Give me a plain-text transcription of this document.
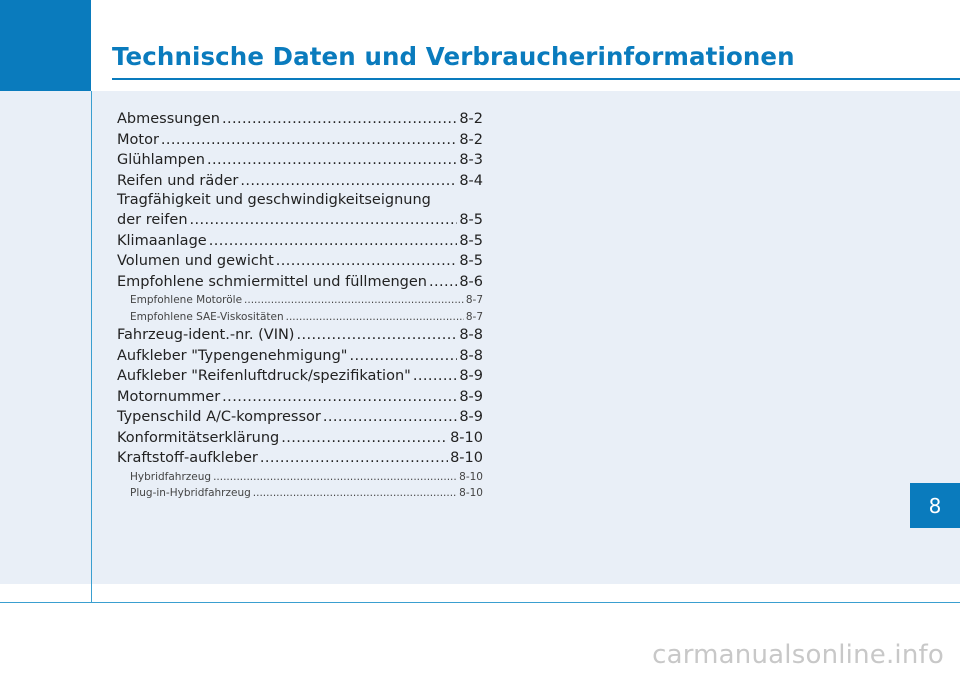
Technische Daten und Verbraucherinformationen
8
Abmessungen .....	8-2
Motor .....	8-2
Glühlampen .....	8-3
Reifen und räder .....	8-4
Tragfähigkeit und geschwindigkeitseignung
der reifen .....	8-5
Klimaanlage .....	8-5
Volumen und gewicht .....	8-5
Empfohlene schmiermittel und füllmengen ..... 8-6
Empfohlene Motoröle .....	8-7
Empfohlene SAE-Viskositäten .....	8-7
Fahrzeug-ident.-nr. (VIN) .....	8-8
Aufkleber "Typengenehmigung" .....	8-8
Aufkleber "Reifenluftdruck/spezifikation" .....	8-9
Motornummer .....	8-9
Typenschild A/C-kompressor .....	8-9
Konformitätserklärung .....	8-10
Kraftstoff-aufkleber .....	8-10
Hybridfahrzeug .....	8-10
Plug-in-Hybridfahrzeug .....	8-10
carmanualsonline.info
